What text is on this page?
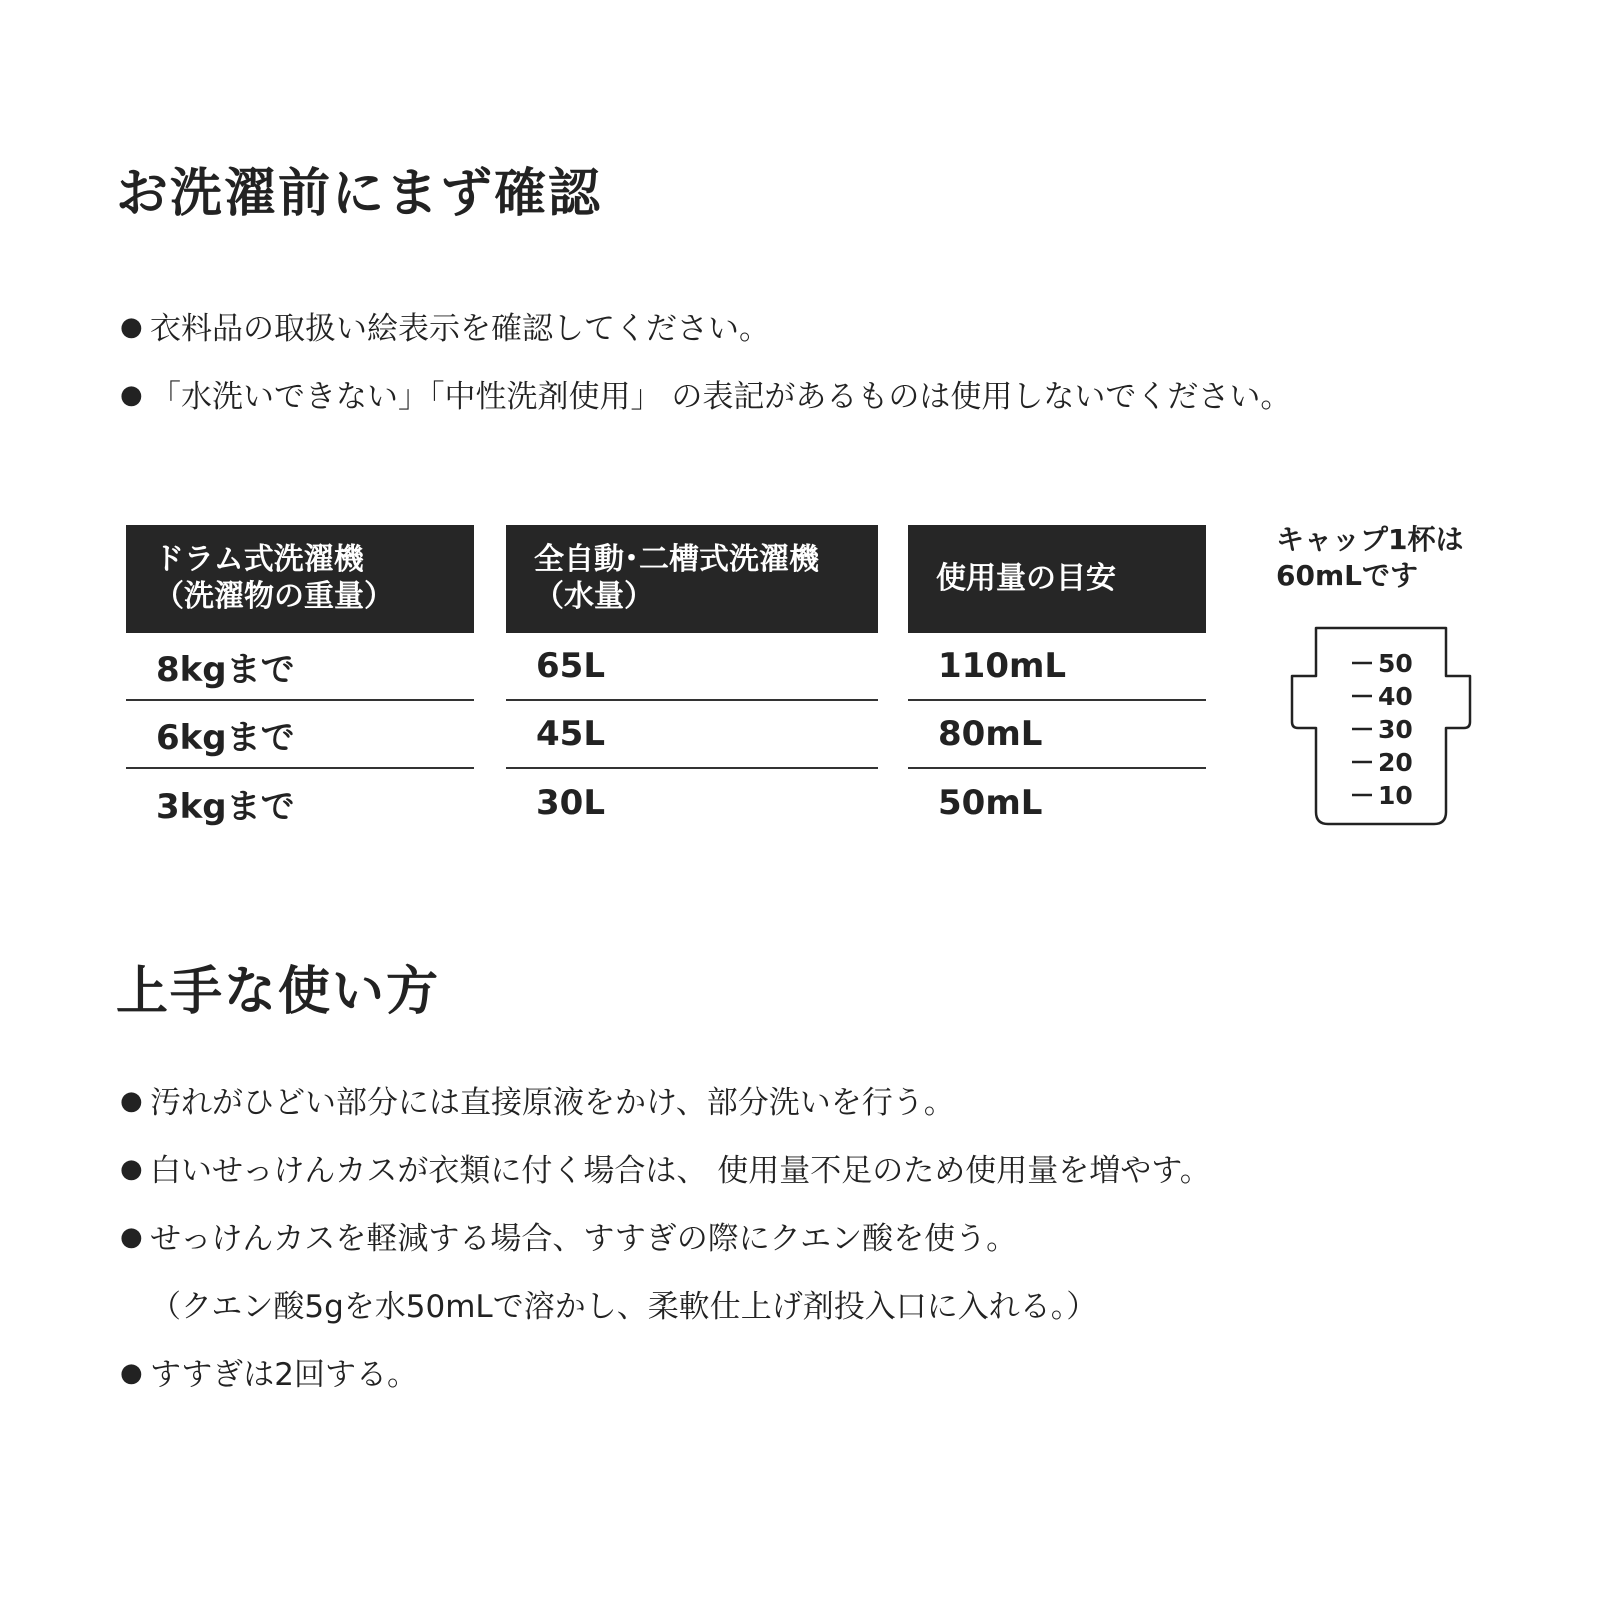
お洗濯前にまず確認
● 衣料品の取扱い絵表示を確認してください。
● 「水洗いできない」「中性洗剤使用」 の表記があるものは使用しないでください。
ドラム式洗濯機
（洗濯物の重量）
8kgまで
6kgまで
3kgまで
全自動･二槽式洗濯機
（水量）
65L
45L
30L
使用量の目安
110mL
80mL
50mL
キャップ1杯は
60mLです
50
40
30
20
10
上手な使い方
● 汚れがひどい部分には直接原液をかけ、部分洗いを行う。
● 白いせっけんカスが衣類に付く場合は、 使用量不足のため使用量を増やす。
● せっけんカスを軽減する場合、すすぎの際にクエン酸を使う。
（クエン酸5gを水50mLで溶かし、柔軟仕上げ剤投入口に入れる。）
● すすぎは2回する。
